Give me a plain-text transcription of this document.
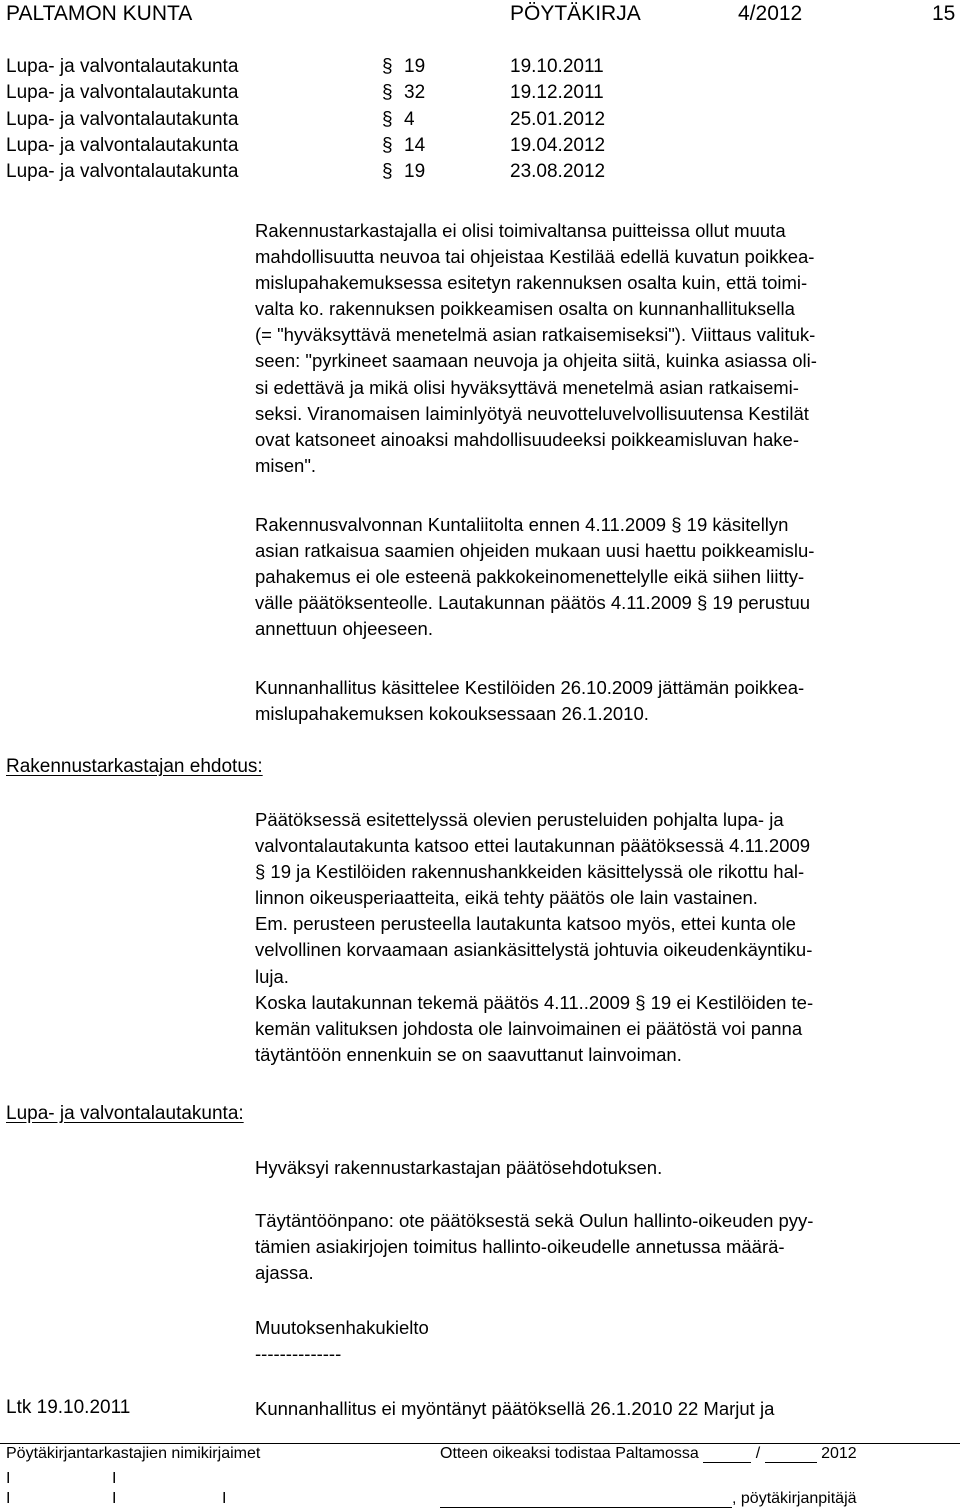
PALTAMON KUNTA	PÖYTÄKIRJA	4/2012	15
Lupa- ja valvontalautakunta	§ 19	19.10.2011
Lupa- ja valvontalautakunta	§ 32	19.12.2011
Lupa- ja valvontalautakunta	§ 4	25.01.2012
Lupa- ja valvontalautakunta	§ 14	19.04.2012
Lupa- ja valvontalautakunta	§ 19	23.08.2012
Rakennustarkastajalla ei olisi toimivaltansa puitteissa ollut muuta
mahdollisuutta neuvoa tai ohjeistaa Kestilää edellä kuvatun poikkea-
mislupahakemuksessa esitetyn rakennuksen osalta kuin, että toimi-
valta ko. rakennuksen poikkeamisen osalta on kunnanhallituksella
(= "hyväksyttävä menetelmä asian ratkaisemiseksi"). Viittaus valituk-
seen: "pyrkineet saamaan neuvoja ja ohjeita siitä, kuinka asiassa oli-
si edettävä ja mikä olisi hyväksyttävä menetelmä asian ratkaisemi-
seksi. Viranomaisen laiminlyötyä neuvotteluvelvollisuutensa Kestilät
ovat katsoneet ainoaksi mahdollisuudeeksi poikkeamisluvan hake-
misen".
Rakennusvalvonnan Kuntaliitolta ennen 4.11.2009 § 19 käsitellyn
asian ratkaisua saamien ohjeiden mukaan uusi haettu poikkeamislu-
pahakemus ei ole esteenä pakkokeinomenettelylle eikä siihen liitty-
välle päätöksenteolle. Lautakunnan päätös 4.11.2009 § 19 perustuu
annettuun ohjeeseen.
Kunnanhallitus käsittelee Kestilöiden 26.10.2009 jättämän poikkea-
mislupahakemuksen kokouksessaan 26.1.2010.
Rakennustarkastajan ehdotus:
Päätöksessä esitettelyssä olevien perusteluiden pohjalta lupa- ja
valvontalautakunta katsoo ettei lautakunnan päätöksessä 4.11.2009
§ 19 ja Kestilöiden rakennushankkeiden käsittelyssä ole rikottu hal-
linnon oikeusperiaatteita, eikä tehty päätös ole lain vastainen.
Em. perusteen perusteella lautakunta katsoo myös, ettei kunta ole
velvollinen korvaamaan asiankäsittelystä johtuvia oikeudenkäyntiku-
luja.
Koska lautakunnan tekemä päätös 4.11..2009 § 19 ei Kestilöiden te-
kemän valituksen johdosta ole lainvoimainen ei päätöstä voi panna
täytäntöön ennenkuin se on saavuttanut lainvoiman.
Lupa- ja valvontalautakunta:
Hyväksyi rakennustarkastajan päätösehdotuksen.
Täytäntöönpano: ote päätöksestä sekä Oulun hallinto-oikeuden pyy-
tämien asiakirjojen toimitus hallinto-oikeudelle annetussa määrä-
ajassa.
Muutoksenhakukielto
--------------
Ltk 19.10.2011	Kunnanhallitus ei myöntänyt päätöksellä 26.1.2010 22 Marjut ja
Pöytäkirjantarkastajien nimikirjaimet	Otteen oikeaksi todistaa Paltamossa	/	2012
I	I
I	I	I	, pöytäkirjanpitäjä
